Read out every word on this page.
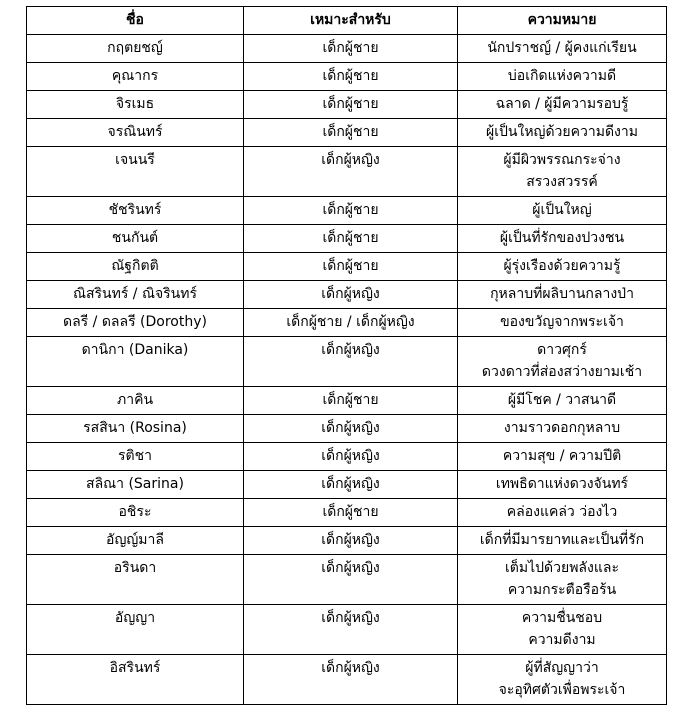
ชื่อ	เหมาะสำหรับ	ความหมาย
กฤตยชญ์	เด็กผู้ชาย	นักปราชญ์ / ผู้คงแก่เรียน

คุณากร	เด็กผู้ชาย	บ่อเกิดแห่งความดี

จิรเมธ	เด็กผู้ชาย	ฉลาด / ผู้มีความรอบรู้

จรณินทร์	เด็กผู้ชาย	ผู้เป็นใหญ่ด้วยความดีงาม

เจนนรี	เด็กผู้หญิง	ผู้มีผิวพรรณกระจ่าง
สรวงสวรรค์

ชัชรินทร์	เด็กผู้ชาย	ผู้เป็นใหญ่

ชนกันต์	เด็กผู้ชาย	ผู้เป็นที่รักของปวงชน

ณัฐกิตติ	เด็กผู้ชาย	ผู้รุ่งเรืองด้วยความรู้

ณิสรินทร์ / ณิจรินทร์	เด็กผู้หญิง	กุหลาบที่ผลิบานกลางป่า

ดลรี / ดลลรี (Dorothy)	เด็กผู้ชาย / เด็กผู้หญิง	ของขวัญจากพระเจ้า

ดานิกา (Danika)	เด็กผู้หญิง	ดาวศุกร์
ดวงดาวที่ส่องสว่างยามเช้า

ภาคิน	เด็กผู้ชาย	ผู้มีโชค / วาสนาดี

รสสินา (Rosina)	เด็กผู้หญิง	งามราวดอกกุหลาบ

รติชา	เด็กผู้หญิง	ความสุข / ความปีติ

สลิณา (Sarina)	เด็กผู้หญิง	เทพธิดาแห่งดวงจันทร์

อชิระ	เด็กผู้ชาย	คล่องแคล่ว ว่องไว

อัญญ์มาลี	เด็กผู้หญิง	เด็กที่มีมารยาทและเป็นที่รัก

อรินดา	เด็กผู้หญิง	เต็มไปด้วยพลังและ
ความกระตือรือร้น

อัญญา	เด็กผู้หญิง	ความชื่นชอบ
ความดีงาม

อิสรินทร์	เด็กผู้หญิง	ผู้ที่สัญญาว่า
จะอุทิศตัวเพื่อพระเจ้า
